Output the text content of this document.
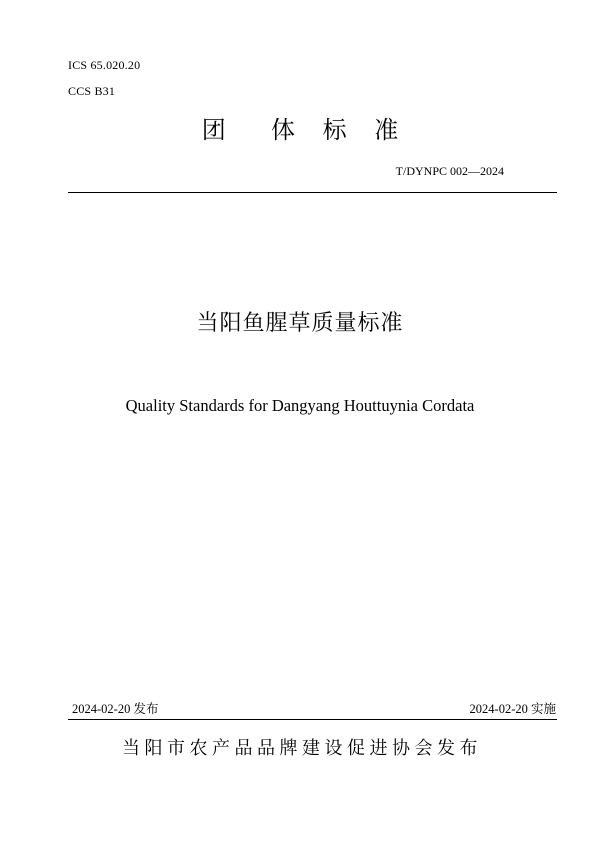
ICS 65.020.20
CCS B31
团  体 标 准
T/DYNPC 002—2024
当阳鱼腥草质量标准
Quality Standards for Dangyang Houttuynia Cordata
2024-02-20 发布	2024-02-20 实施
当阳市农产品品牌建设促进协会发布
